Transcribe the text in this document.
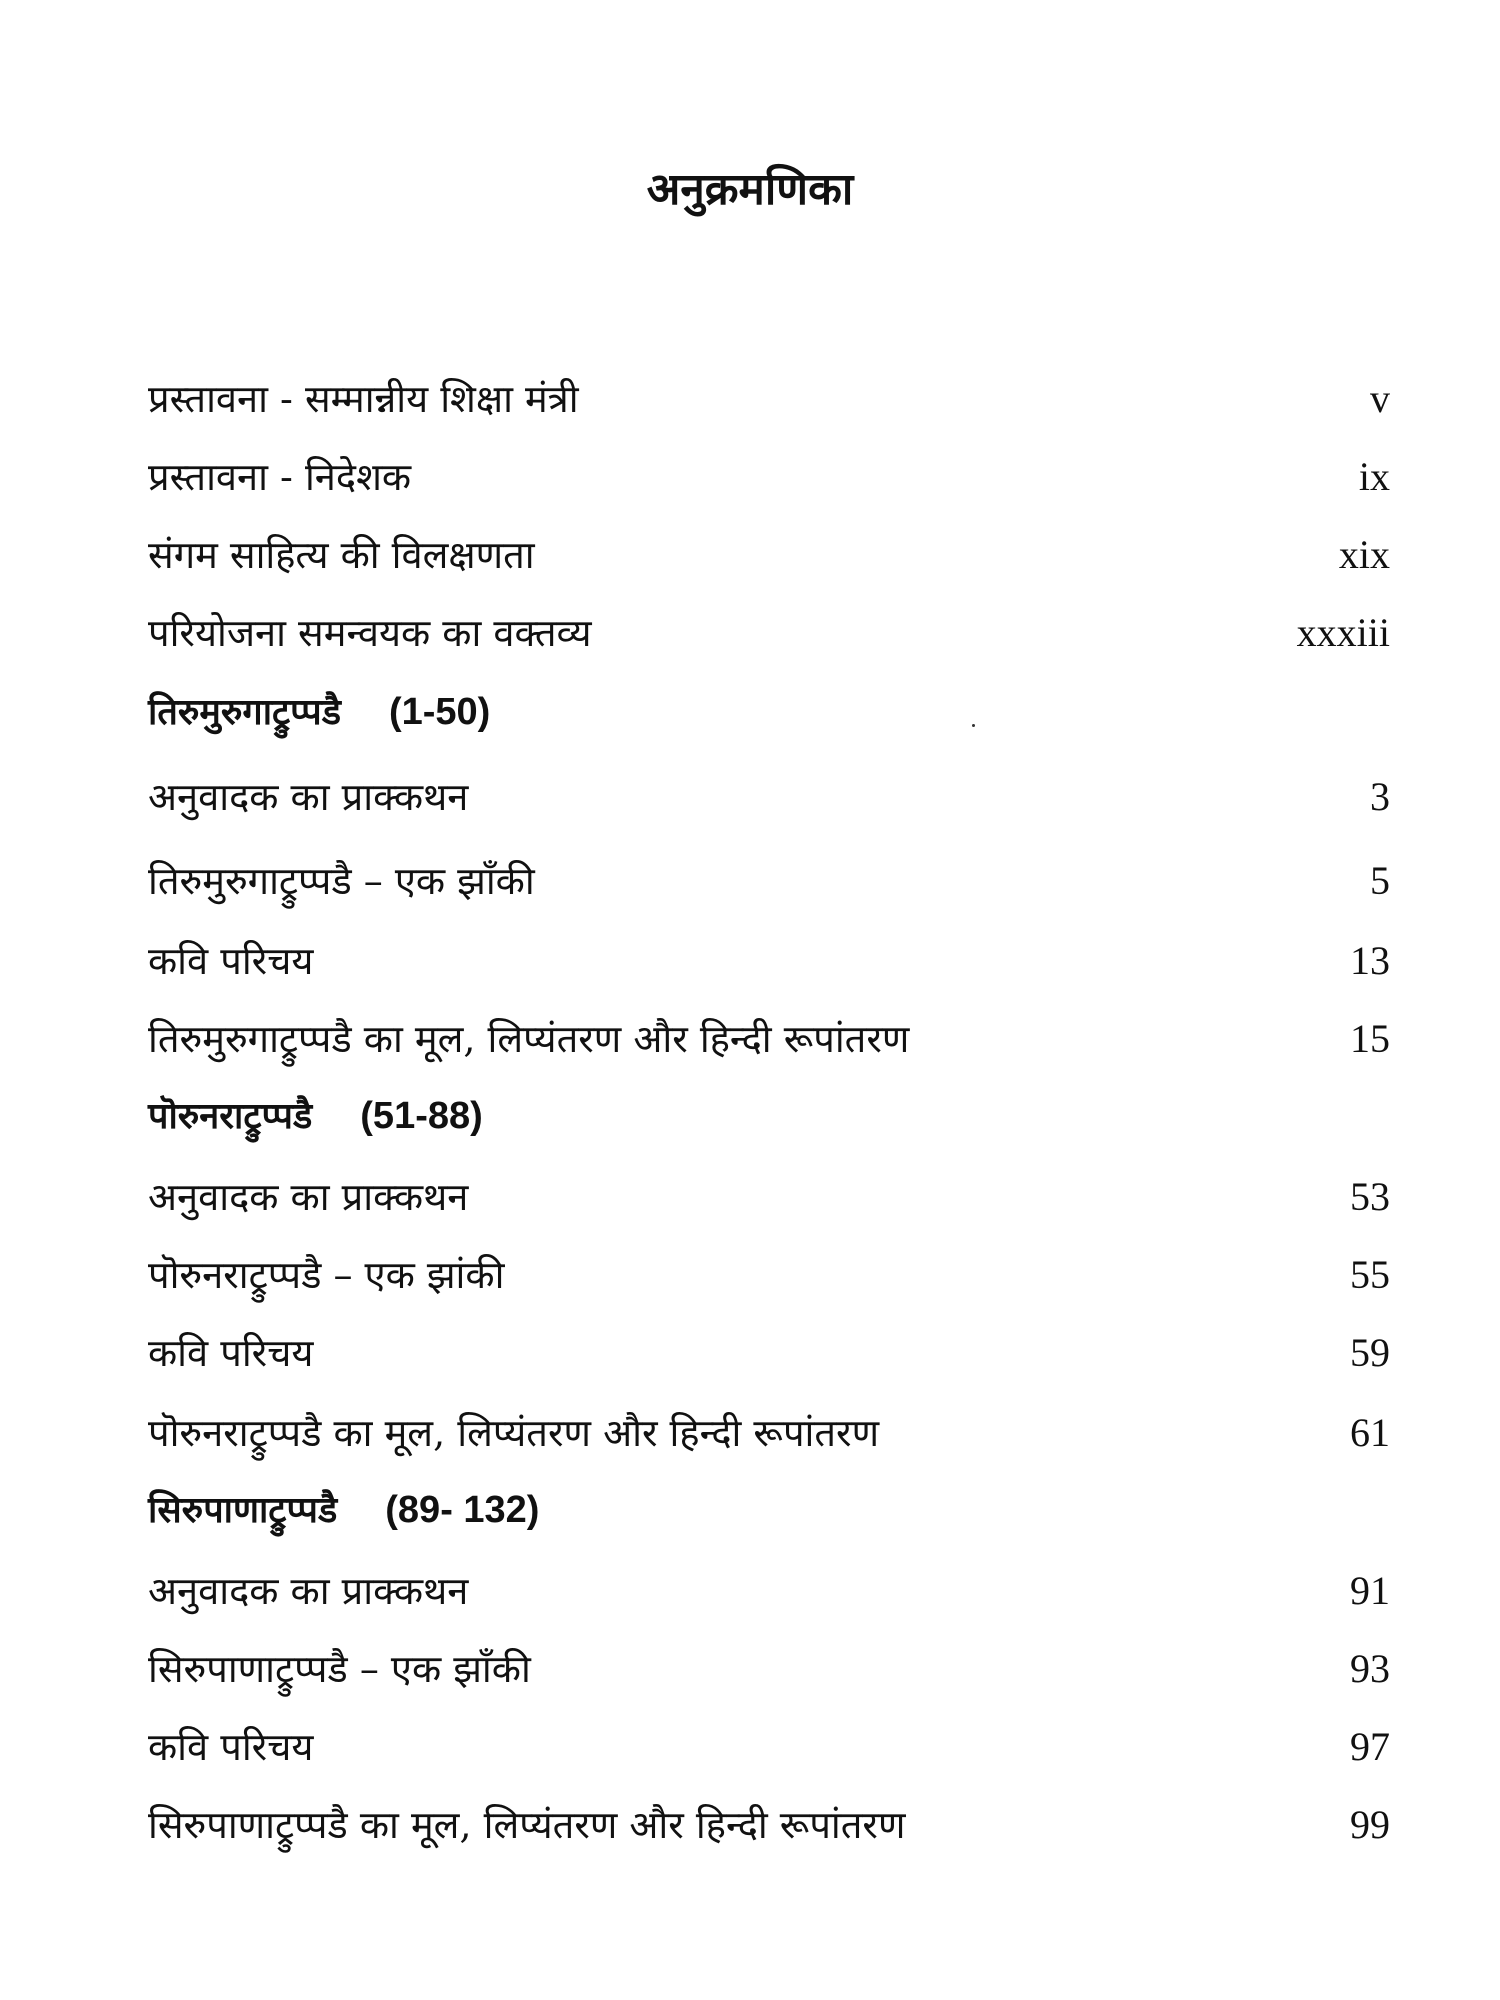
अनुक्रमणिका
प्रस्तावना - सम्मान्नीय शिक्षा मंत्री	v
प्रस्तावना - निदेशक	ix
संगम साहित्य की विलक्षणता	xix
परियोजना समन्वयक का वक्तव्य	xxxiii
तिरुमुरुगाट्रुप्पडै (1-50)
अनुवादक का प्राक्कथन	3
तिरुमुरुगाट्रुप्पडै – एक झाँकी	5
कवि परिचय	13
तिरुमुरुगाट्रुप्पडै का मूल, लिप्यंतरण और हिन्दी रूपांतरण	15
पॊरुनराट्रुप्पडै (51-88)
अनुवादक का प्राक्कथन	53
पॊरुनराट्रुप्पडै – एक झांकी	55
कवि परिचय	59
पॊरुनराट्रुप्पडै का मूल, लिप्यंतरण और हिन्दी रूपांतरण	61
सिरुपाणाट्रुप्पडै (89- 132)
अनुवादक का प्राक्कथन	91
सिरुपाणाट्रुप्पडै – एक झाँकी	93
कवि परिचय	97
सिरुपाणाट्रुप्पडै का मूल, लिप्यंतरण और हिन्दी रूपांतरण	99
